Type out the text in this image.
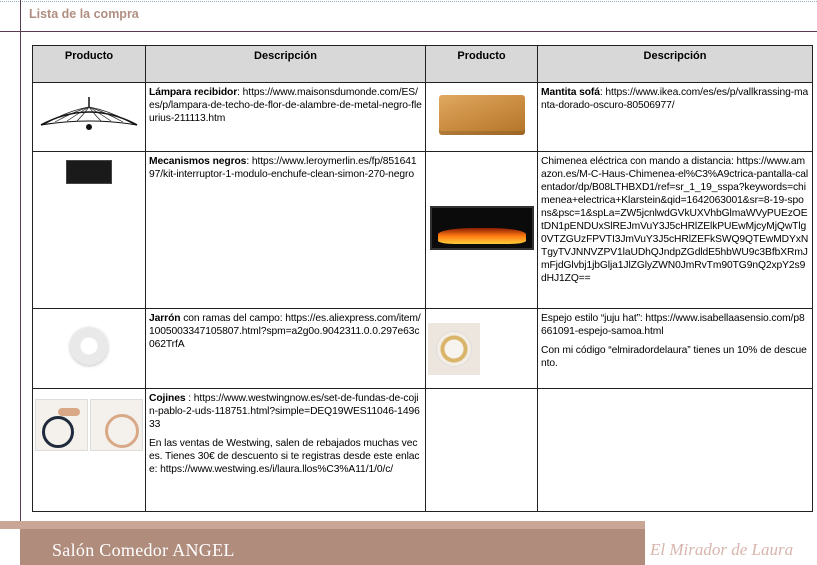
Lista de la compra
Producto	Descripción	Producto	Descripción
	Lámpara recibidor: https://www.maisonsdumonde.com/ES/es/p/lampara-de-techo-de-flor-de-alambre-de-metal-negro-fleurius-211113.htm		Mantita sofá: https://www.ikea.com/es/es/p/vallkrassing-manta-dorado-oscuro-80506977/
	Mecanismos negros: https://www.leroymerlin.es/fp/85164197/kit-interruptor-1-modulo-enchufe-clean-simon-270-negro		Chimenea eléctrica con mando a distancia: https://www.amazon.es/M-C-Haus-Chimenea-el%C3%A9ctrica-pantalla-calentador/dp/B08LTHBXD1/ref=sr_1_19_sspa?keywords=chimenea+electrica+Klarstein&qid=1642063001&sr=8-19-spons&psc=1&spLa=ZW5jcnlwdGVkUXVhbGlmaWVyPUEzOEtDN1pENDUxSlREJmVuY3J5cHRlZElkPUEwMjcyMjQwTlg0VTZGUzFPVTI3JmVuY3J5cHRlZEFkSWQ9QTEwMDYxNTgyTVJNNVZPV1laUDhQJndpZGdldE5hbWU9c3BfbXRmJmFjdGlvbj1jbGlja1JlZGlyZWN0JmRvTm90TG9nQ2xpY2s9dHJ1ZQ==
	Jarrón con ramas del campo: https://es.aliexpress.com/item/1005003347105807.html?spm=a2g0o.9042311.0.0.297e63c062TrfA		Espejo estilo “juju hat”: https://www.isabellaasensio.com/p8661091-espejo-samoa.html

Con mi código “elmiradordelaura” tienes un 10% de descuento.

	Cojines : https://www.westwingnow.es/set-de-fundas-de-cojin-pablo-2-uds-118751.html?simple=DEQ19WES11046-149633

En las ventas de Westwing, salen de rebajados muchas veces. Tienes 30€ de descuento si te registras desde este enlace: https://www.westwing.es/i/laura.llos%C3%A11/1/0/c/		

Salón Comedor ANGEL	El Mirador de Laura
